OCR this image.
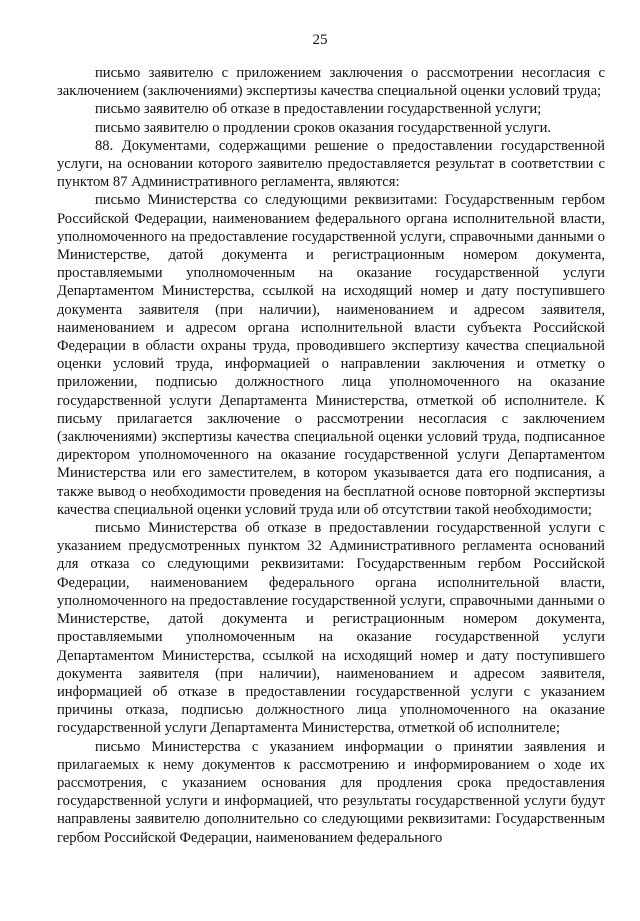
25

письмо заявителю с приложением заключения о рассмотрении несогласия с заключением (заключениями) экспертизы качества специальной оценки условий труда;

письмо заявителю об отказе в предоставлении государственной услуги;

письмо заявителю о продлении сроков оказания государственной услуги.

88. Документами, содержащими решение о предоставлении государственной услуги, на основании которого заявителю предоставляется результат в соответствии с пунктом 87 Административного регламента, являются:

письмо Министерства со следующими реквизитами: Государственным гербом Российской Федерации, наименованием федерального органа исполнительной власти, уполномоченного на предоставление государственной услуги, справочными данными о Министерстве, датой документа и регистрационным номером документа, проставляемыми уполномоченным на оказание государственной услуги Департаментом Министерства, ссылкой на исходящий номер и дату поступившего документа заявителя (при наличии), наименованием и адресом заявителя, наименованием и адресом органа исполнительной власти субъекта Российской Федерации в области охраны труда, проводившего экспертизу качества специальной оценки условий труда, информацией о направлении заключения и отметку о приложении, подписью должностного лица уполномоченного на оказание государственной услуги Департамента Министерства, отметкой об исполнителе. К письму прилагается заключение о рассмотрении несогласия с заключением (заключениями) экспертизы качества специальной оценки условий труда, подписанное директором уполномоченного на оказание государственной услуги Департаментом Министерства или его заместителем, в котором указывается дата его подписания, а также вывод о необходимости проведения на бесплатной основе повторной экспертизы качества специальной оценки условий труда или об отсутствии такой необходимости;

письмо Министерства об отказе в предоставлении государственной услуги с указанием предусмотренных пунктом 32 Административного регламента оснований для отказа со следующими реквизитами: Государственным гербом Российской Федерации, наименованием федерального органа исполнительной власти, уполномоченного на предоставление государственной услуги, справочными данными о Министерстве, датой документа и регистрационным номером документа, проставляемыми уполномоченным на оказание государственной услуги Департаментом Министерства, ссылкой на исходящий номер и дату поступившего документа заявителя (при наличии), наименованием и адресом заявителя, информацией об отказе в предоставлении государственной услуги с указанием причины отказа, подписью должностного лица уполномоченного на оказание государственной услуги Департамента Министерства, отметкой об исполнителе;

письмо Министерства с указанием информации о принятии заявления и прилагаемых к нему документов к рассмотрению и информированием о ходе их рассмотрения, с указанием основания для продления срока предоставления государственной услуги и информацией, что результаты государственной услуги будут направлены заявителю дополнительно со следующими реквизитами: Государственным гербом Российской Федерации, наименованием федерального
